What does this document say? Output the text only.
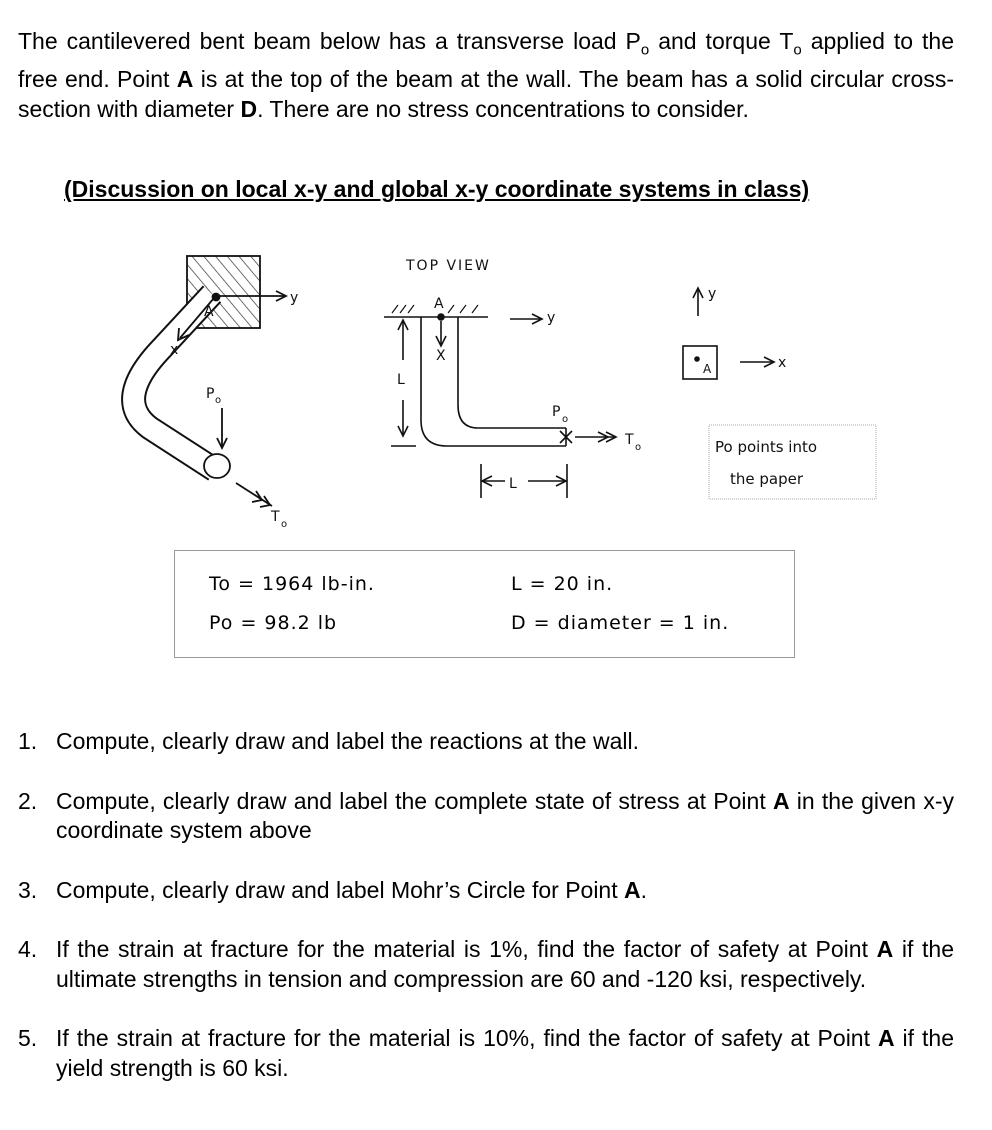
The cantilevered bent beam below has a transverse load $P_o$ and torque $T_o$ applied to the free end. Point A is at the top of the beam at the wall. The beam has a solid circular cross-section with diameter D. There are no stress concentrations to consider.

(Discussion on local x-y and global x-y coordinate systems in class)

A
x
y
P o
T o
TOP VIEW
A
X
y
L
L
P o
T o
A
y
x
Po points into
the paper
To = 1964 lb-in.
Po = 98.2 lb
L = 20 in.
D = diameter = 1 in.
1. Compute, clearly draw and label the reactions at the wall.
2. Compute, clearly draw and label the complete state of stress at Point A in the given x-y coordinate system above
3. Compute, clearly draw and label Mohr’s Circle for Point A.
4. If the strain at fracture for the material is 1%, find the factor of safety at Point A if the ultimate strengths in tension and compression are 60 and -120 ksi, respectively.
5. If the strain at fracture for the material is 10%, find the factor of safety at Point A if the yield strength is 60 ksi.
